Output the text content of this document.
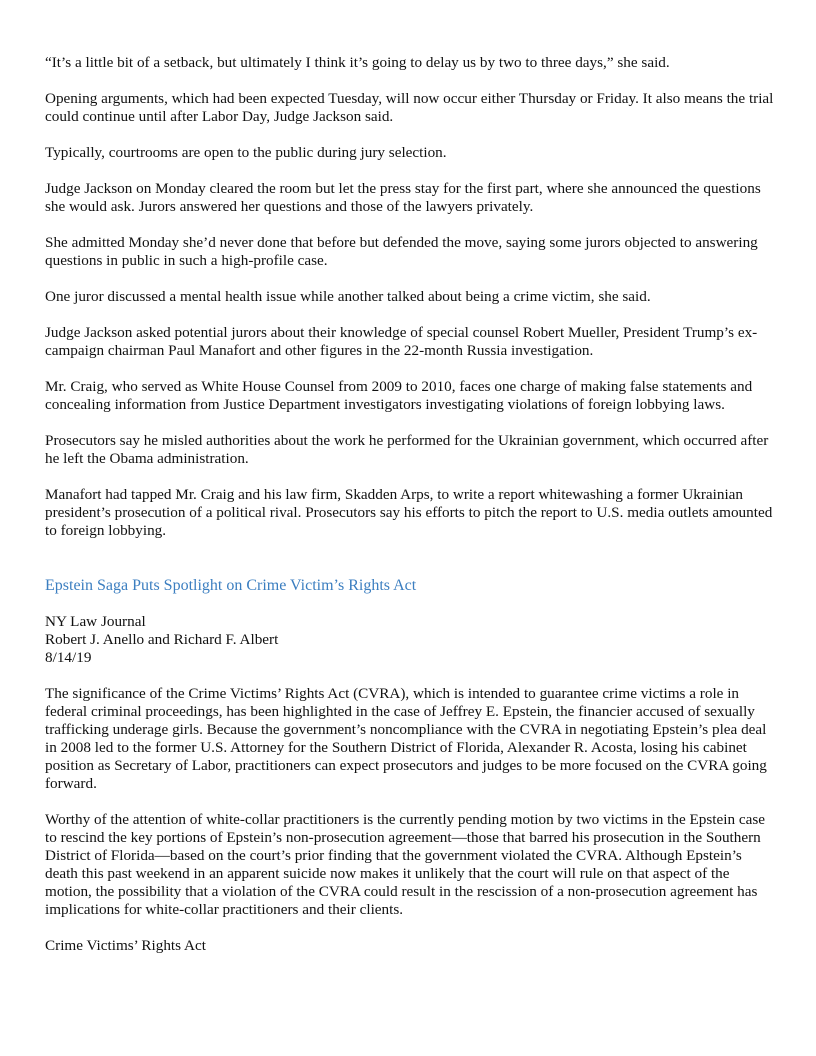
“It’s a little bit of a setback, but ultimately I think it’s going to delay us by two to three days,” she said.

Opening arguments, which had been expected Tuesday, will now occur either Thursday or Friday. It also means the trial could continue until after Labor Day, Judge Jackson said.

Typically, courtrooms are open to the public during jury selection.

Judge Jackson on Monday cleared the room but let the press stay for the first part, where she announced the questions she would ask. Jurors answered her questions and those of the lawyers privately.

She admitted Monday she’d never done that before but defended the move, saying some jurors objected to answering questions in public in such a high-profile case.

One juror discussed a mental health issue while another talked about being a crime victim, she said.

Judge Jackson asked potential jurors about their knowledge of special counsel Robert Mueller, President Trump’s ex-campaign chairman Paul Manafort and other figures in the 22-month Russia investigation.

Mr. Craig, who served as White House Counsel from 2009 to 2010, faces one charge of making false statements and concealing information from Justice Department investigators investigating violations of foreign lobbying laws.

Prosecutors say he misled authorities about the work he performed for the Ukrainian government, which occurred after he left the Obama administration.

Manafort had tapped Mr. Craig and his law firm, Skadden Arps, to write a report whitewashing a former Ukrainian president’s prosecution of a political rival. Prosecutors say his efforts to pitch the report to U.S. media outlets amounted to foreign lobbying.

Epstein Saga Puts Spotlight on Crime Victim’s Rights Act

NY Law Journal

Robert J. Anello and Richard F. Albert

8/14/19

The significance of the Crime Victims’ Rights Act (CVRA), which is intended to guarantee crime victims a role in federal criminal proceedings, has been highlighted in the case of Jeffrey E. Epstein, the financier accused of sexually trafficking underage girls. Because the government’s noncompliance with the CVRA in negotiating Epstein’s plea deal in 2008 led to the former U.S. Attorney for the Southern District of Florida, Alexander R. Acosta, losing his cabinet position as Secretary of Labor, practitioners can expect prosecutors and judges to be more focused on the CVRA going forward.

Worthy of the attention of white-collar practitioners is the currently pending motion by two victims in the Epstein case to rescind the key portions of Epstein’s non-prosecution agreement—those that barred his prosecution in the Southern District of Florida—based on the court’s prior finding that the government violated the CVRA. Although Epstein’s death this past weekend in an apparent suicide now makes it unlikely that the court will rule on that aspect of the motion, the possibility that a violation of the CVRA could result in the rescission of a non-prosecution agreement has implications for white-collar practitioners and their clients.

Crime Victims’ Rights Act
